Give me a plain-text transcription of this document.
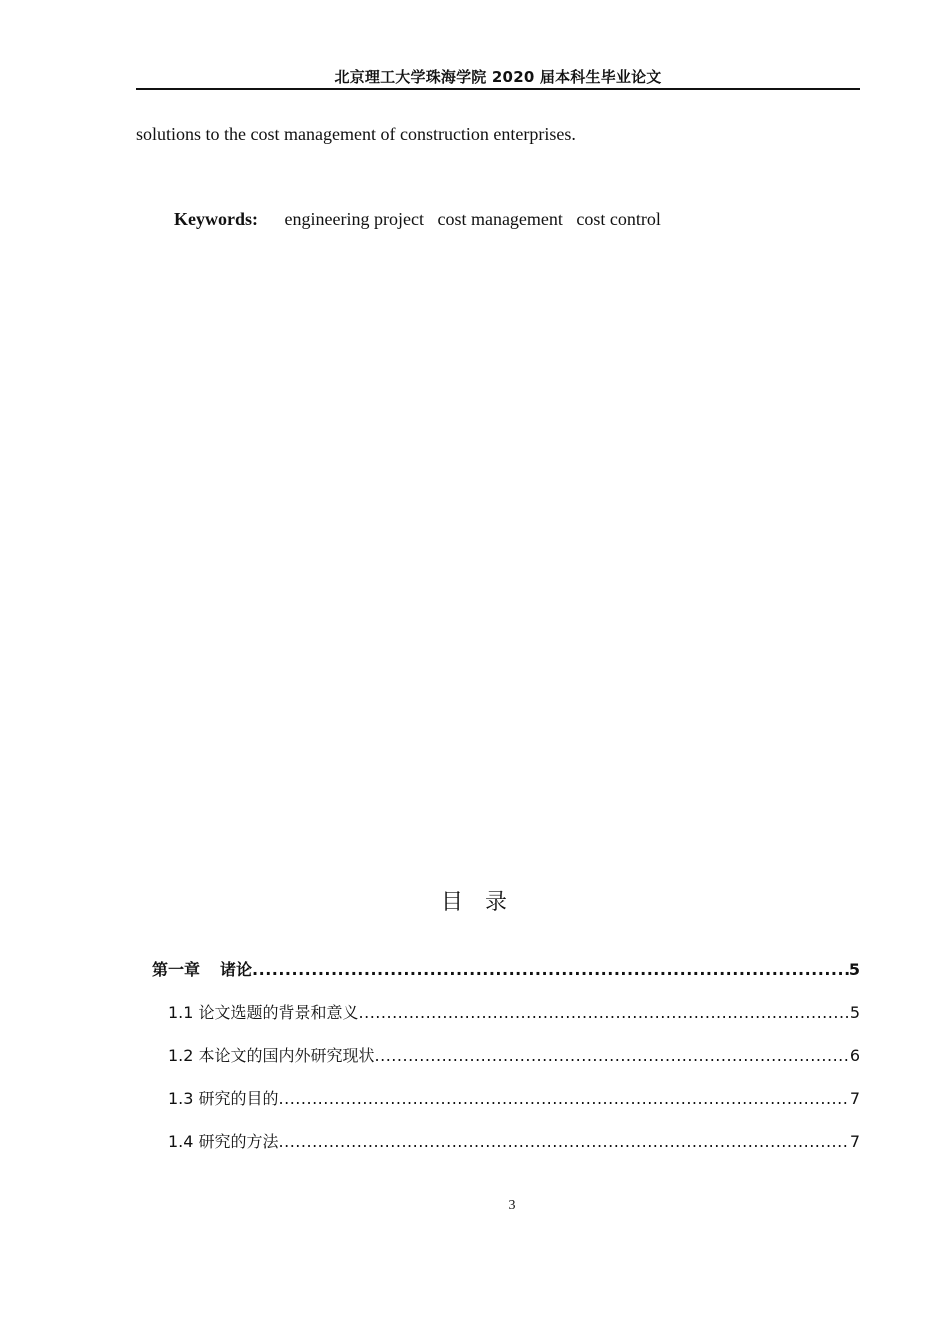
北京理工大学珠海学院 2020 届本科生毕业论文
solutions to the cost management of construction enterprises.
Keywords: engineering project cost management cost control
目 录
第一章 诸论 .....	5
1.1 论文选题的背景和意义 .....	5
1.2 本论文的国内外研究现状 .....	6
1.3 研究的目的 .....	7
1.4 研究的方法 .....	7
3
